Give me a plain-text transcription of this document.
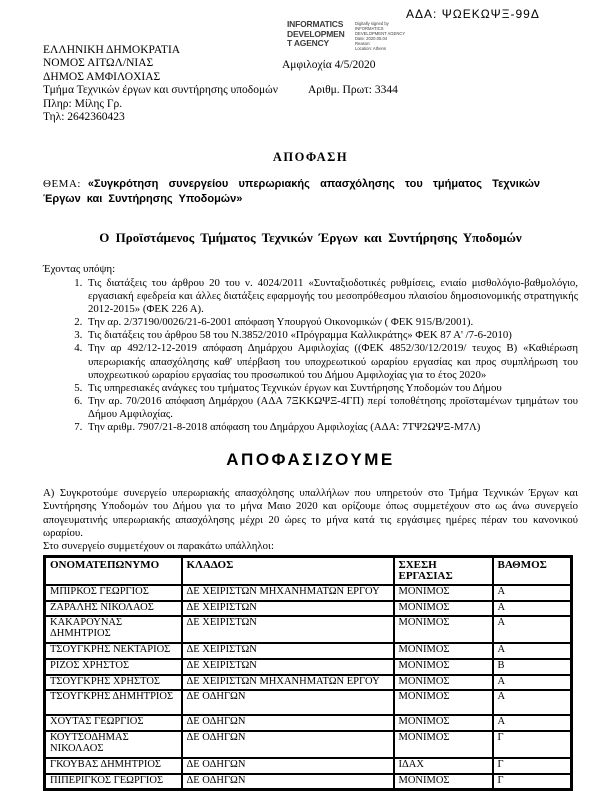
ΑΔΑ: ΨΩΕΚΩΨΞ-99Δ
INFORMATICS
DEVELOPMEN
T AGENCY
Digitally signed by
INFORMATICS
DEVELOPMENT AGENCY
Date: 2020.05.04
Reason:
Location: Athens
ΕΛΛΗΝΙΚΗ ΔΗΜΟΚΡΑΤΙΑ
ΝΟΜΟΣ ΑΙΤΩΛ/ΝΙΑΣ
ΔΗΜΟΣ ΑΜΦΙΛΟΧΙΑΣ
Τμήμα Τεχνικών έργων και συντήρησης υποδομών
Πληρ: Μίλης Γρ.
Τηλ: 2642360423
Αμφιλοχία 4/5/2020
Αριθμ. Πρωτ: 3344
ΑΠΟΦΑΣΗ

ΘΕΜΑ: «Συγκρότηση συνεργείου υπερωριακής απασχόλησης του τμήματος Τεχνικών Έργων και Συντήρησης Υποδομών»

Ο Προϊστάμενος Τμήματος Τεχνικών Έργων και Συντήρησης Υποδομών
Έχοντας υπόψη:
1. Τις διατάξεις του άρθρου 20 του ν. 4024/2011 «Συνταξιοδοτικές ρυθμίσεις, ενιαίο μισθολόγιο-βαθμολόγιο, εργασιακή εφεδρεία και άλλες διατάξεις εφαρμογής του μεσοπρόθεσμου πλαισίου δημοσιονομικής στρατηγικής 2012-2015» (ΦΕΚ 226 Α).
2. Την αρ. 2/37190/0026/21-6-2001 απόφαση Υπουργού Οικονομικών ( ΦΕΚ 915/Β/2001).
3. Τις διατάξεις του άρθρου 58 του Ν.3852/2010 «Πρόγραμμα Καλλικράτης» ΦΕΚ 87 Α' /7-6-2010)
4. Την αρ 492/12-12-2019 απόφαση Δημάρχου Αμφιλοχίας ((ΦΕΚ 4852/30/12/2019/ τευχος Β) «Καθιέρωση υπερωριακής απασχόλησης καθ' υπέρβαση του υποχρεωτικού ωραρίου εργασίας και προς συμπλήρωση του υποχρεωτικού ωραρίου εργασίας του προσωπικού του Δήμου Αμφιλοχίας για το έτος 2020»
5. Τις υπηρεσιακές ανάγκες του τμήματος Τεχνικών έργων και Συντήρησης Υποδομών του Δήμου
6. Την αρ. 70/2016 απόφαση Δημάρχου (ΑΔΑ 7ΞΚΚΩΨΞ-4ΓΠ) περί τοποθέτησης προϊσταμένων τμημάτων του Δήμου Αμφιλοχίας.
7. Την αριθμ. 7907/21-8-2018 απόφαση του Δημάρχου Αμφιλοχίας (ΑΔΑ: 7ΤΨ2ΩΨΞ-Μ7Λ)
ΑΠΟΦΑΣΙΖΟΥΜΕ

Α) Συγκροτούμε συνεργείο υπερωριακής απασχόλησης υπαλλήλων που υπηρετούν στο Τμήμα Τεχνικών Έργων και Συντήρησης Υποδομών του Δήμου για το μήνα Μαιο 2020 και ορίζουμε όπως συμμετέχουν στο ως άνω συνεργείο απογευματινής υπερωριακής απασχόλησης μέχρι 20 ώρες το μήνα κατά τις εργάσιμες ημέρες πέραν του κανονικού ωραρίου.

Στο συνεργείο συμμετέχουν οι παρακάτω υπάλληλοι:
ΟΝΟΜΑΤΕΠΩΝΥΜΟ	ΚΛΑΔΟΣ	ΣΧΕΣΗ ΕΡΓΑΣΙΑΣ	ΒΑΘΜΟΣ
ΜΠΙΡΚΟΣ ΓΕΩΡΓΙΟΣ	ΔΕ ΧΕΙΡΙΣΤΩΝ ΜΗΧΑΝΗΜΑΤΩΝ ΕΡΓΟΥ	ΜΟΝΙΜΟΣ	Α
ΖΑΡΑΛΗΣ ΝΙΚΟΛΑΟΣ	ΔΕ ΧΕΙΡΙΣΤΩΝ	ΜΟΝΙΜΟΣ	Α
ΚΑΚΑΡΟΥΝΑΣ ΔΗΜΗΤΡΙΟΣ	ΔΕ ΧΕΙΡΙΣΤΩΝ	ΜΟΝΙΜΟΣ	Α
ΤΣΟΥΓΚΡΗΣ ΝΕΚΤΑΡΙΟΣ	ΔΕ ΧΕΙΡΙΣΤΩΝ	ΜΟΝΙΜΟΣ	Α
ΡΙΖΟΣ ΧΡΗΣΤΟΣ	ΔΕ ΧΕΙΡΙΣΤΩΝ	ΜΟΝΙΜΟΣ	Β
ΤΣΟΥΓΚΡΗΣ ΧΡΗΣΤΟΣ	ΔΕ ΧΕΙΡΙΣΤΩΝ ΜΗΧΑΝΗΜΑΤΩΝ ΕΡΓΟΥ	ΜΟΝΙΜΟΣ	Α
ΤΣΟΥΓΚΡΗΣ ΔΗΜΗΤΡΙΟΣ	ΔΕ ΟΔΗΓΩΝ	ΜΟΝΙΜΟΣ	Α
ΧΟΥΤΑΣ ΓΕΩΡΓΙΟΣ	ΔΕ ΟΔΗΓΩΝ	ΜΟΝΙΜΟΣ	Α
ΚΟΥΤΣΟΔΗΜΑΣ ΝΙΚΟΛΑΟΣ	ΔΕ ΟΔΗΓΩΝ	ΜΟΝΙΜΟΣ	Γ
ΓΚΟΥΒΑΣ ΔΗΜΗΤΡΙΟΣ	ΔΕ ΟΔΗΓΩΝ	ΙΔΑΧ	Γ
ΠΙΠΕΡΙΓΚΟΣ ΓΕΩΡΓΙΟΣ	ΔΕ ΟΔΗΓΩΝ	ΜΟΝΙΜΟΣ	Γ
